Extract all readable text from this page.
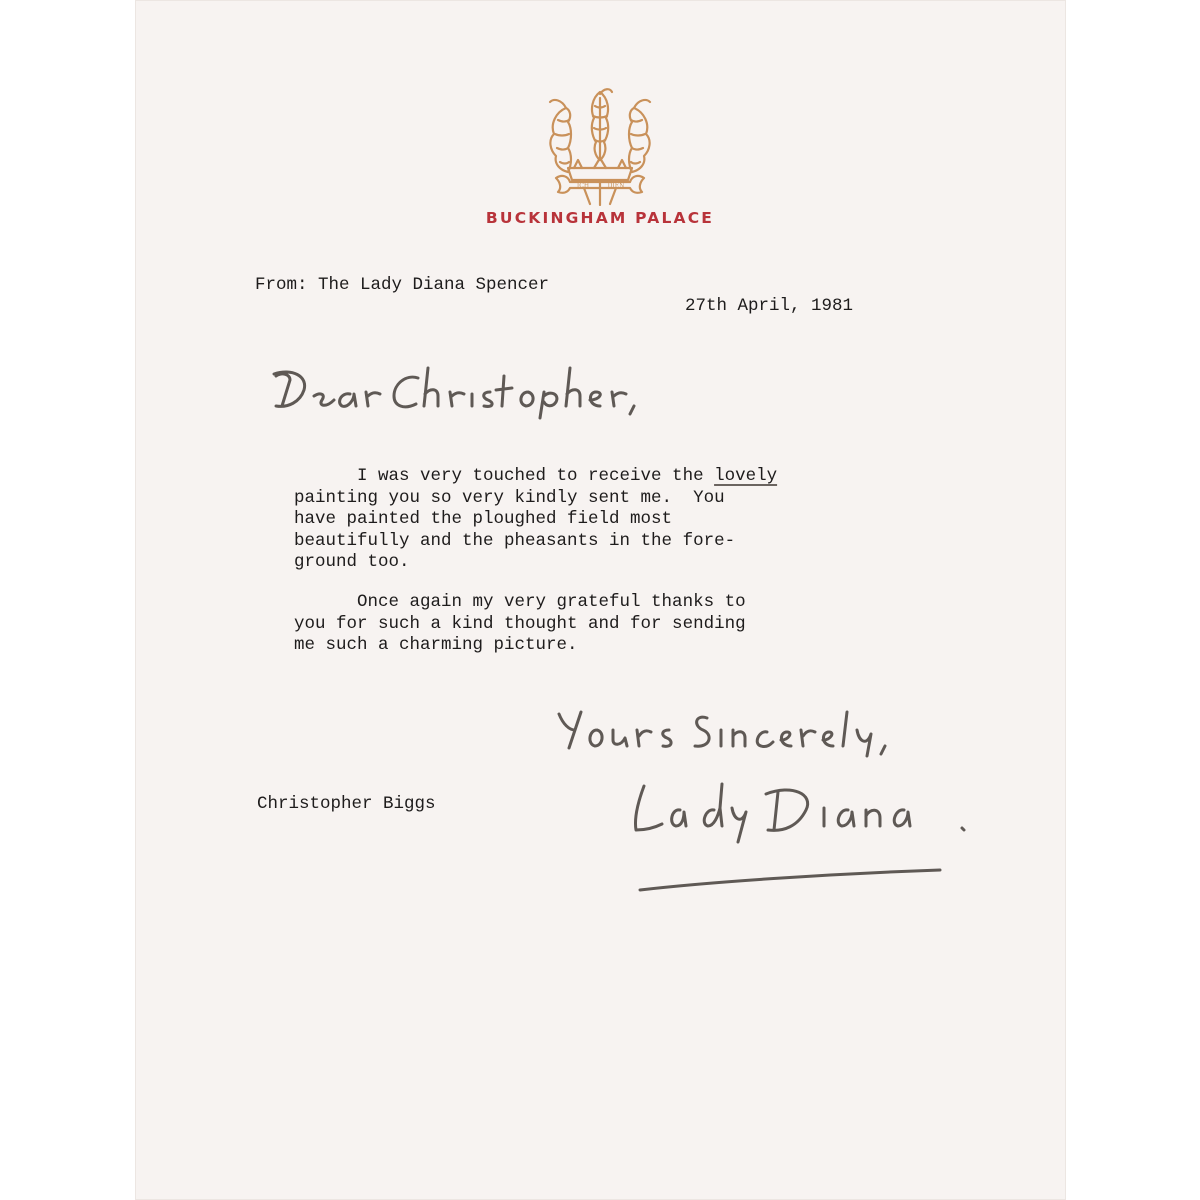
ICH	DIEN
BUCKINGHAM PALACE
From: The Lady Diana Spencer
27th April, 1981
I was very touched to receive the lovely
painting you so very kindly sent me.  You
have painted the ploughed field most
beautifully and the pheasants in the fore-
ground too.
Once again my very grateful thanks to
you for such a kind thought and for sending
me such a charming picture.
Christopher Biggs
